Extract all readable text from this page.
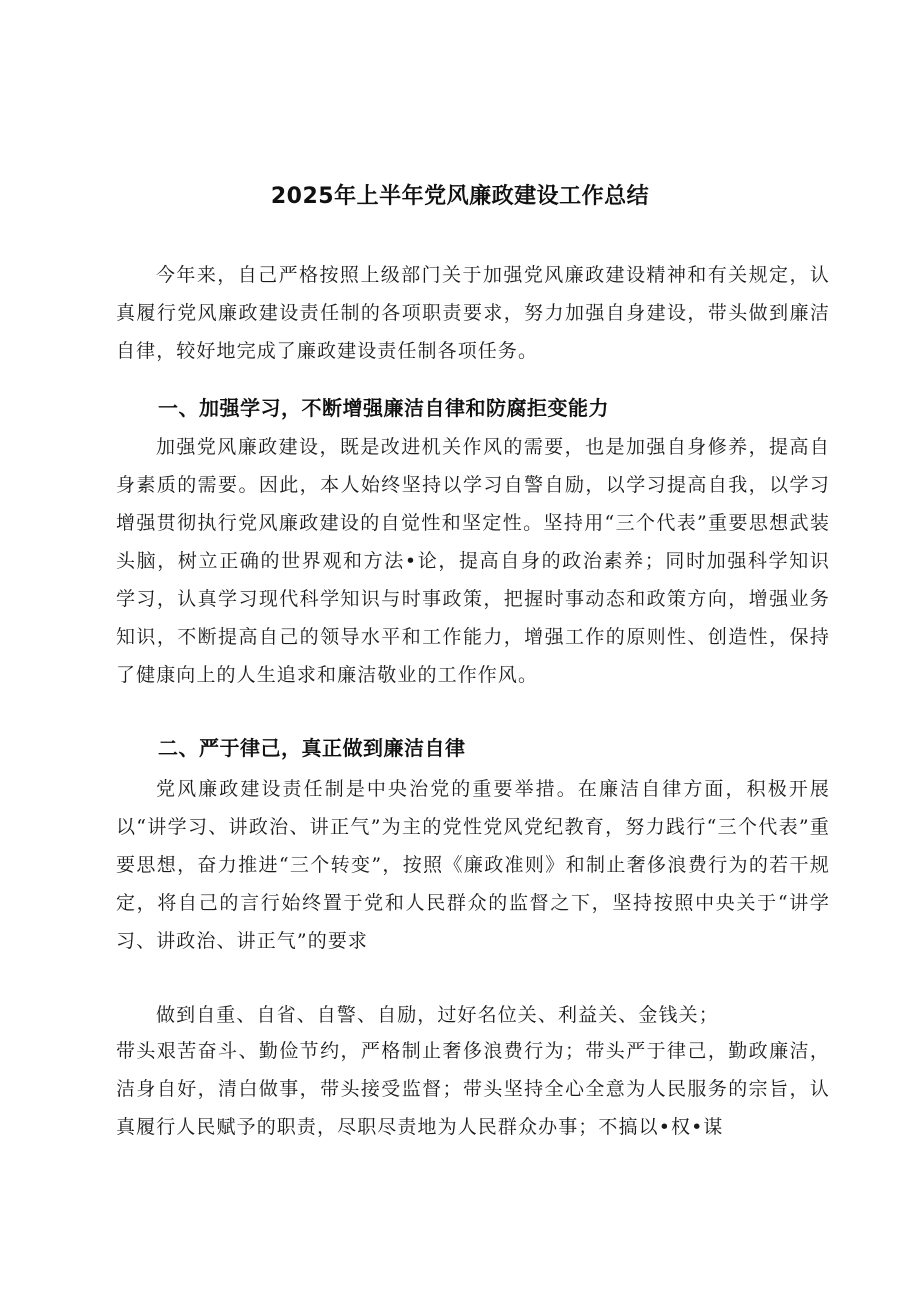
2025年上半年党风廉政建设工作总结

今年来，自己严格按照上级部门关于加强党风廉政建设精神和有关规定，认真履行党风廉政建设责任制的各项职责要求，努力加强自身建设，带头做到廉洁自律，较好地完成了廉政建设责任制各项任务。

一、加强学习，不断增强廉洁自律和防腐拒变能力

加强党风廉政建设，既是改进机关作风的需要，也是加强自身修养，提高自身素质的需要。因此，本人始终坚持以学习自警自励，以学习提高自我，以学习增强贯彻执行党风廉政建设的自觉性和坚定性。坚持用“三个代表”重要思想武装头脑，树立正确的世界观和方法•论，提高自身的政治素养；同时加强科学知识学习，认真学习现代科学知识与时事政策，把握时事动态和政策方向，增强业务知识，不断提高自己的领导水平和工作能力，增强工作的原则性、创造性，保持了健康向上的人生追求和廉洁敬业的工作作风。

二、严于律己，真正做到廉洁自律

党风廉政建设责任制是中央治党的重要举措。在廉洁自律方面，积极开展以“讲学习、讲政治、讲正气”为主的党性党风党纪教育，努力践行“三个代表”重要思想，奋力推进“三个转变”，按照《廉政准则》和制止奢侈浪费行为的若干规定，将自己的言行始终置于党和人民群众的监督之下，坚持按照中央关于“讲学习、讲政治、讲正气”的要求

做到自重、自省、自警、自励，过好名位关、利益关、金钱关；

带头艰苦奋斗、勤俭节约，严格制止奢侈浪费行为；带头严于律己，勤政廉洁，洁身自好，清白做事，带头接受监督；带头坚持全心全意为人民服务的宗旨，认真履行人民赋予的职责，尽职尽责地为人民群众办事；不搞以•权•谋
